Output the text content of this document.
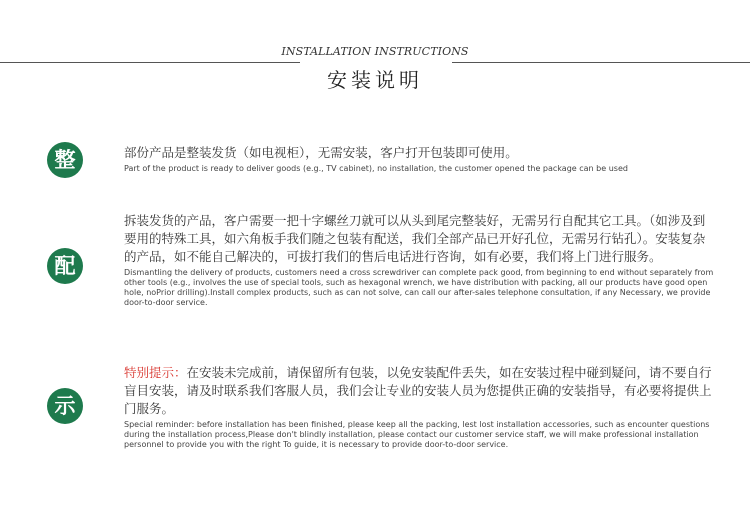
INSTALLATION INSTRUCTIONS
安装说明
整	部份产品是整装发货（如电视柜），无需安装，客户打开包装即可使用。

Part of the product is ready to deliver goods (e.g., TV cabinet), no installation, the customer opened the package can be used

配

拆装发货的产品，客户需要一把十字螺丝刀就可以从头到尾完整装好，无需另行自配其它工具。（如涉及到要用的特殊工具，如六角板手我们随之包装有配送，我们全部产品已开好孔位，无需另行钻孔）。安装复杂的产品，如不能自己解决的，可拔打我们的售后电话进行咨询，如有必要，我们将上门进行服务。

Dismantling the delivery of products, customers need a cross screwdriver can complete pack good, from beginning to end without separately from other tools (e.g., involves the use of special tools, such as hexagonal wrench, we have distribution with packing, all our products have good open hole, noPrior drilling).Install complex products, such as can not solve, can call our after-sales telephone consultation, if any Necessary, we provide door-to-door service.

示

特别提示：在安装未完成前，请保留所有包装，以免安装配件丢失，如在安装过程中碰到疑问，请不要自行盲目安装，请及时联系我们客服人员，我们会让专业的安装人员为您提供正确的安装指导，有必要将提供上门服务。

Special reminder: before installation has been finished, please keep all the packing, lest lost installation accessories, such as encounter questions during the installation process,Please don't blindly installation, please contact our customer service staff, we will make professional installation personnel to provide you with the right To guide, it is necessary to provide door-to-door service.
